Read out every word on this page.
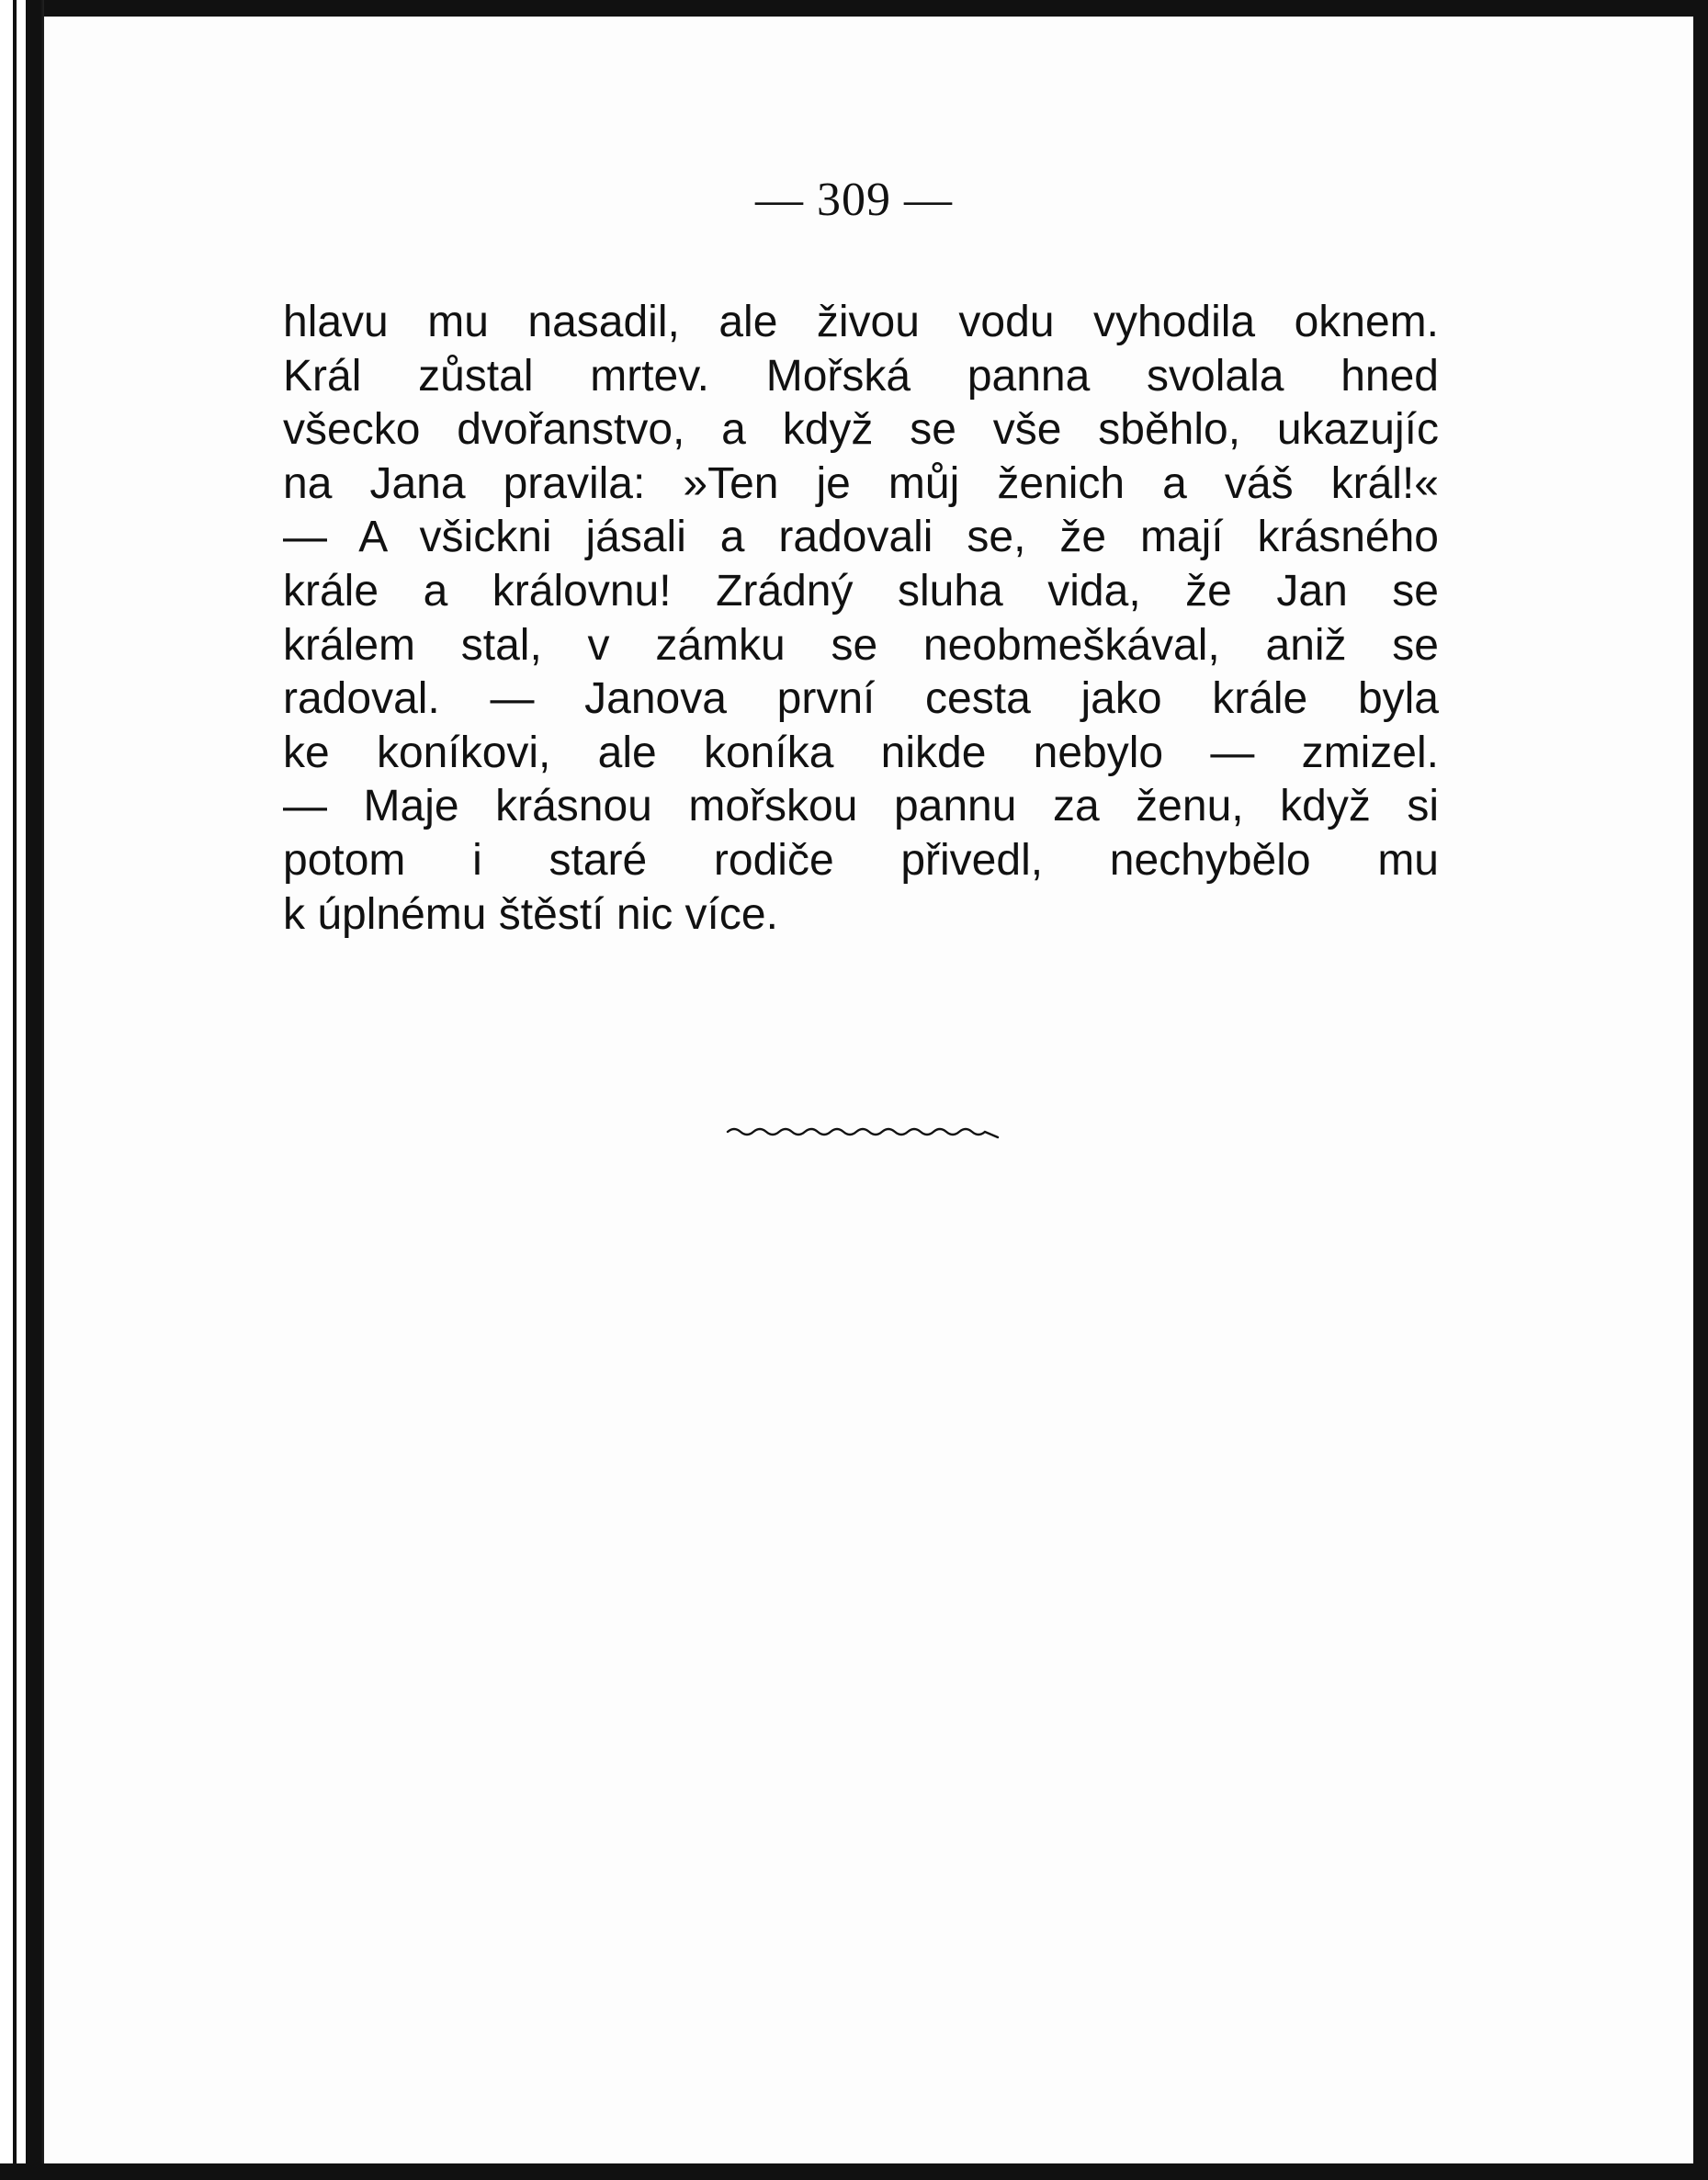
— 309 —
hlavu mu nasadil, ale živou vodu vyhodila oknem.
Král zůstal mrtev. Mořská panna svolala hned
všecko dvořanstvo, a když se vše sběhlo, ukazujíc
na Jana pravila: »Ten je můj ženich a váš král!«
— A všickni jásali a radovali se, že mají krásného
krále a královnu! Zrádný sluha vida, že Jan se
králem stal, v zámku se neobmeškával, aniž se
radoval. — Janova první cesta jako krále byla
ke koníkovi, ale koníka nikde nebylo — zmizel.
— Maje krásnou mořskou pannu za ženu, když si
potom i staré rodiče přivedl, nechybělo mu
k úplnému štěstí nic více.
